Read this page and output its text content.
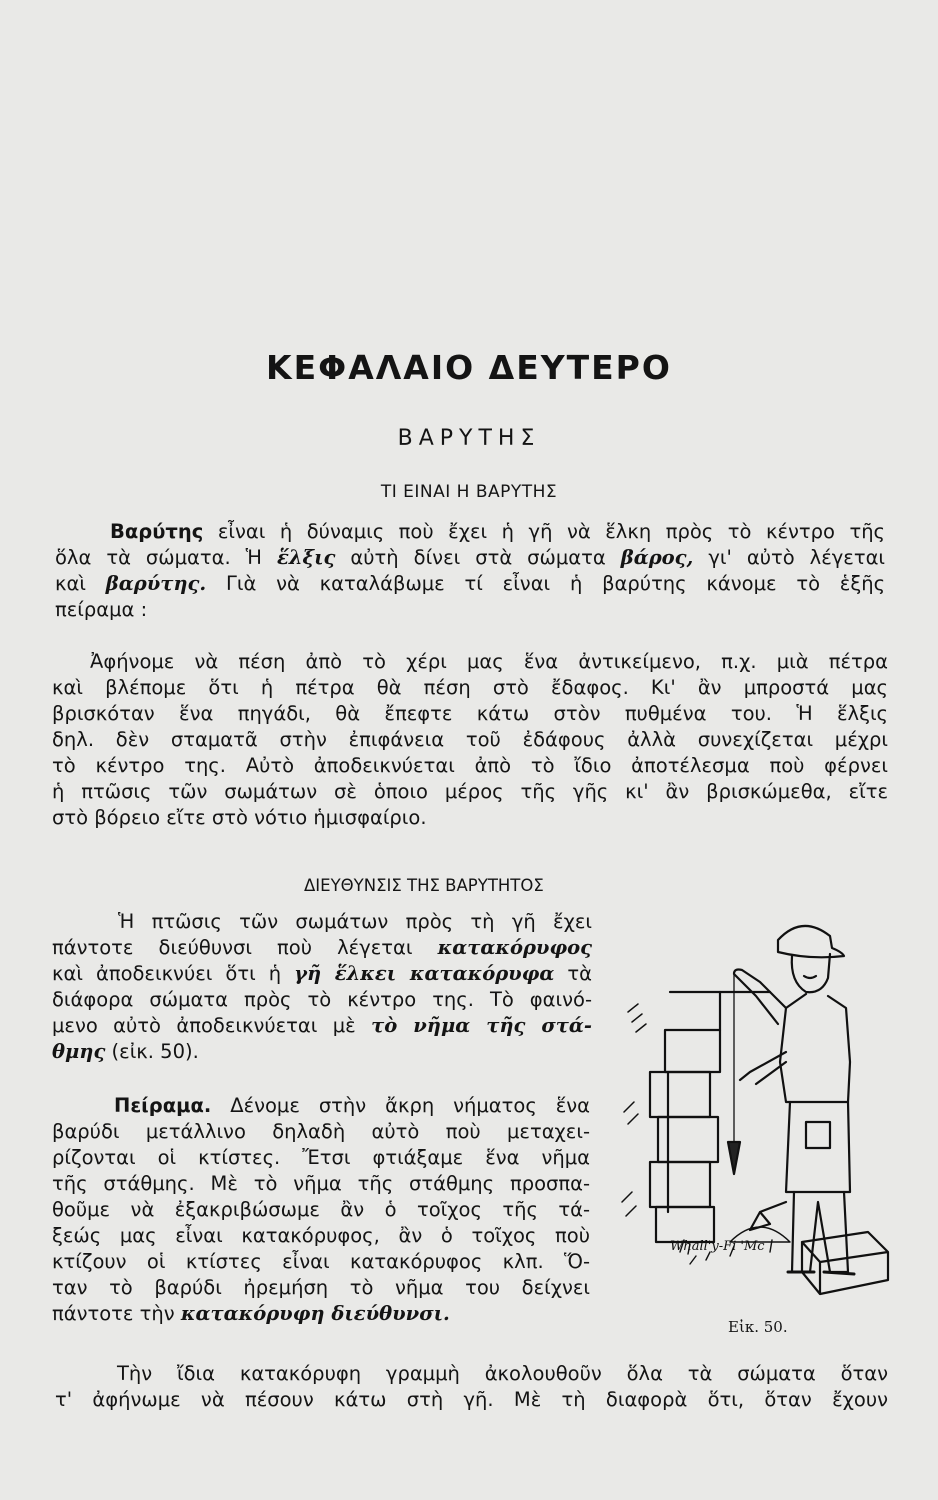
ΚΕΦΑΛΑΙΟ ΔΕΥΤΕΡΟ
ΒΑΡΥΤΗΣ
ΤΙ ΕΙΝΑΙ Η ΒΑΡΥΤΗΣ
Βαρύτης εἶναι ἡ δύναμις ποὺ ἔχει ἡ γῆ νὰ ἕλκη πρὸς τὸ κέντρο τῆς
ὅλα τὰ σώματα. Ἡ ἕλξις αὐτὴ δίνει στὰ σώματα βάρος, γι' αὐτὸ λέγεται
καὶ βαρύτης. Γιὰ νὰ καταλάβωμε τί εἶναι ἡ βαρύτης κάνομε τὸ ἑξῆς
πείραμα :
Ἀφήνομε νὰ πέση ἀπὸ τὸ χέρι μας ἕνα ἀντικείμενο, π.χ. μιὰ πέτρα
καὶ βλέπομε ὅτι ἡ πέτρα θὰ πέση στὸ ἔδαφος. Κι' ἂν μπροστά μας
βρισκόταν ἕνα πηγάδι, θὰ ἔπεφτε κάτω στὸν πυθμένα του. Ἡ ἕλξις
δηλ. δὲν σταματᾶ στὴν ἐπιφάνεια τοῦ ἐδάφους ἀλλὰ συνεχίζεται μέχρι
τὸ κέντρο της. Αὐτὸ ἀποδεικνύεται ἀπὸ τὸ ἴδιο ἀποτέλεσμα ποὺ φέρνει
ἡ πτῶσις τῶν σωμάτων σὲ ὁποιο μέρος τῆς γῆς κι' ἂν βρισκώμεθα, εἴτε
στὸ βόρειο εἴτε στὸ νότιο ἡμισφαίριο.
ΔΙΕΥΘΥΝΣΙΣ ΤΗΣ ΒΑΡΥΤΗΤΟΣ
Ἡ πτῶσις τῶν σωμάτων πρὸς τὴ γῆ ἔχει
πάντοτε διεύθυνσι ποὺ λέγεται κατακόρυφος
καὶ ἀποδεικνύει ὅτι ἡ γῆ ἕλκει κατακόρυφα τὰ
διάφορα σώματα πρὸς τὸ κέντρο της. Τὸ φαινό-
μενο αὐτὸ ἀποδεικνύεται μὲ τὸ νῆμα τῆς στά-
θμης (εἰκ. 50).
Πείραμα. Δένομε στὴν ἄκρη νήματος ἕνα
βαρύδι μετάλλινο δηλαδὴ αὐτὸ ποὺ μεταχει-
ρίζονται οἱ κτίστες. Ἔτσι φτιάξαμε ἕνα νῆμα
τῆς στάθμης. Μὲ τὸ νῆμα τῆς στάθμης προσπα-
θοῦμε νὰ ἐξακριβώσωμε ἂν ὁ τοῖχος τῆς τά-
ξεώς μας εἶναι κατακόρυφος, ἂν ὁ τοῖχος ποὺ
κτίζουν οἱ κτίστες εἶναι κατακόρυφος κλπ. Ὅ-
ταν τὸ βαρύδι ἠρεμήση τὸ νῆμα του δείχνει
πάντοτε τὴν κατακόρυφη διεύθυνσι.
Τὴν ἴδια κατακόρυφη γραμμὴ ἀκολουθοῦν ὅλα τὰ σώματα ὅταν
τ' ἀφήνωμε νὰ πέσουν κάτω στὴ γῆ. Μὲ τὴ διαφορὰ ὅτι, ὅταν ἔχουν
Whall'y-Fi 'Mc
Εἰκ. 50.
